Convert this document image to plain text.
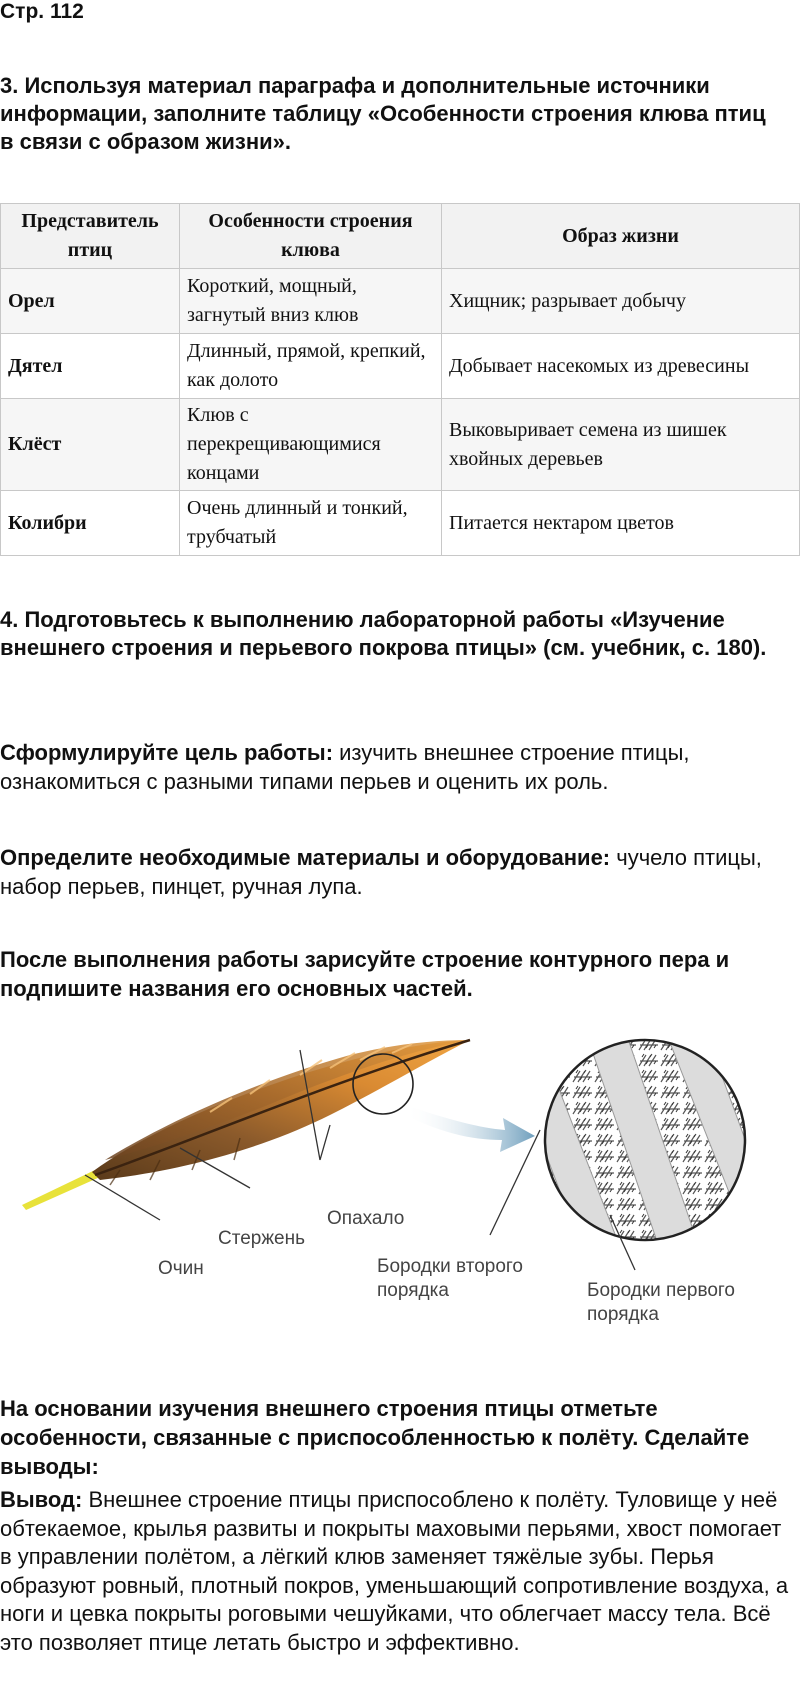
Стр. 112
3. Используя материал параграфа и дополнительные источники информации, заполните таблицу «Особенности строения клюва птиц в связи с образом жизни».
Представитель птиц	Особенности строения клюва	Образ жизни
Орел	Короткий, мощный, загнутый вниз клюв	Хищник; разрывает добычу
Дятел	Длинный, прямой, крепкий, как долото	Добывает насекомых из древесины
Клёст	Клюв с перекрещивающимися концами	Выковыривает семена из шишек хвойных деревьев
Колибри	Очень длинный и тонкий, трубчатый	Питается нектаром цветов
4. Подготовьтесь к выполнению лабораторной работы «Изучение внешнего строения и перьевого покрова птицы» (см. учебник, с. 180).
Сформулируйте цель работы: изучить внешнее строение птицы, ознакомиться с разными типами перьев и оценить их роль.
Определите необходимые материалы и оборудование: чучело птицы, набор перьев, пинцет, ручная лупа.
После выполнения работы зарисуйте строение контурного пера и подпишите названия его основных частей.
Опахало
Стержень
Очин	Бородки второго
порядка	Бородки первого
порядка
На основании изучения внешнего строения птицы отметьте особенности, связанные с приспособленностью к полёту. Сделайте выводы:
Вывод: Внешнее строение птицы приспособлено к полёту. Туловище у неё обтекаемое, крылья развиты и покрыты маховыми перьями, хвост помогает в управлении полётом, а лёгкий клюв заменяет тяжёлые зубы. Перья образуют ровный, плотный покров, уменьшающий сопротивление воздуха, а ноги и цевка покрыты роговыми чешуйками, что облегчает массу тела. Всё это позволяет птице летать быстро и эффективно.
